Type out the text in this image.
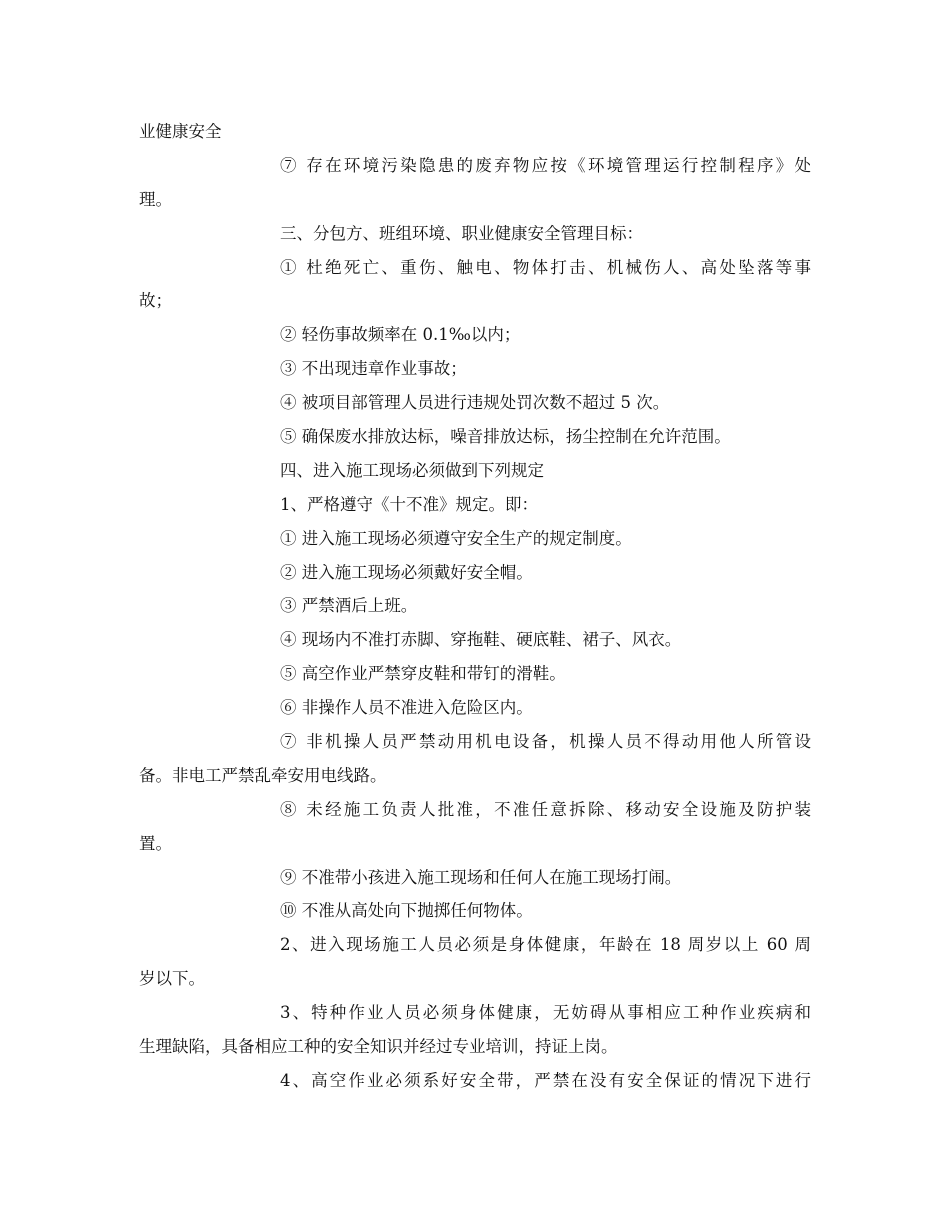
业健康安全
⑦ 存在环境污染隐患的废弃物应按《环境管理运行控制程序》处
理。
三、分包方、班组环境、职业健康安全管理目标：
① 杜绝死亡、重伤、触电、物体打击、机械伤人、高处坠落等事
故；
② 轻伤事故频率在 0.1‰以内；
③ 不出现违章作业事故；
④ 被项目部管理人员进行违规处罚次数不超过 5 次。
⑤ 确保废水排放达标，噪音排放达标，扬尘控制在允许范围。
四、进入施工现场必须做到下列规定
1、严格遵守《十不准》规定。即：
① 进入施工现场必须遵守安全生产的规定制度。
② 进入施工现场必须戴好安全帽。
③ 严禁酒后上班。
④ 现场内不准打赤脚、穿拖鞋、硬底鞋、裙子、风衣。
⑤ 高空作业严禁穿皮鞋和带钉的滑鞋。
⑥ 非操作人员不准进入危险区内。
⑦ 非机操人员严禁动用机电设备，机操人员不得动用他人所管设
备。非电工严禁乱牵安用电线路。
⑧ 未经施工负责人批准，不准任意拆除、移动安全设施及防护装
置。
⑨ 不准带小孩进入施工现场和任何人在施工现场打闹。
⑩ 不准从高处向下抛掷任何物体。
2、进入现场施工人员必须是身体健康，年龄在 18 周岁以上 60 周
岁以下。
3、特种作业人员必须身体健康，无妨碍从事相应工种作业疾病和
生理缺陷，具备相应工种的安全知识并经过专业培训，持证上岗。
4、高空作业必须系好安全带，严禁在没有安全保证的情况下进行
